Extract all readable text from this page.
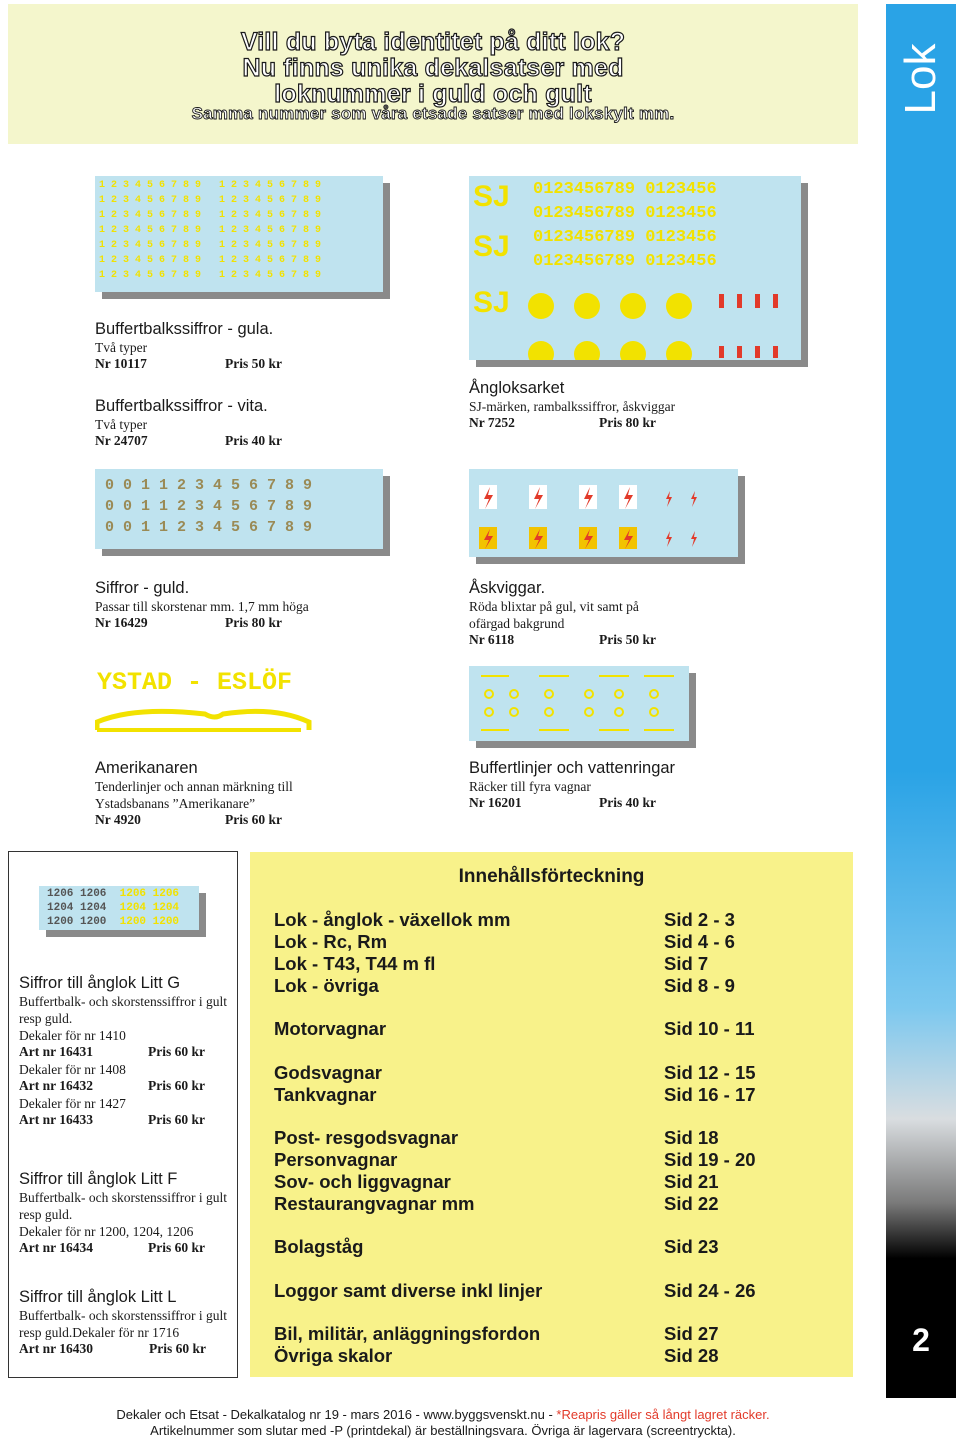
Vill du byta identitet på ditt lok?
Nu finns unika dekalsatser med
loknummer i guld och gult
Samma nummer som våra etsade satser med lokskylt mm.	Lok
2
1 2 3 4 5 6 7 8 9 1 2 3 4 5 6 7 8 9
1 2 3 4 5 6 7 8 9 1 2 3 4 5 6 7 8 9
1 2 3 4 5 6 7 8 9 1 2 3 4 5 6 7 8 9
1 2 3 4 5 6 7 8 9 1 2 3 4 5 6 7 8 9
1 2 3 4 5 6 7 8 9 1 2 3 4 5 6 7 8 9
1 2 3 4 5 6 7 8 9 1 2 3 4 5 6 7 8 9
1 2 3 4 5 6 7 8 9 1 2 3 4 5 6 7 8 9
SJ
SJ
0123456789 0123456
0123456789 0123456
0123456789 0123456
0123456789 0123456
SJ
Buffertbalkssiffror - gula.
Två typer
Nr 10117	Pris 50 kr
Buffertbalkssiffror - vita.
Två typer
Nr 24707	Pris 40 kr
Ångloksarket
SJ-märken, rambalkssiffror, åskviggar
Nr 7252	Pris 80 kr
0 0 1 1 2 3 4 5 6 7 8 9
0 0 1 1 2 3 4 5 6 7 8 9
0 0 1 1 2 3 4 5 6 7 8 9
Siffror - guld.
Passar till skorstenar mm. 1,7 mm höga
Nr 16429	Pris 80 kr
Åskviggar.
Röda blixtar på gul, vit samt på
ofärgad bakgrund
Nr 6118	Pris 50 kr
YSTAD - ESLÖF
Amerikanaren
Tenderlinjer och annan märkning till
Ystadsbanans ”Amerikanare”
Nr 4920	Pris 60 kr
Buffertlinjer och vattenringar
Räcker till fyra vagnar
Nr 16201	Pris 40 kr
1206 1206 1206 1206
1204 1204 1204 1204
1200 1200 1200 1200
Siffror till ånglok Litt G
Buffertbalk- och skorstenssiffror i gult resp guld.
Dekaler för nr 1410
Art nr 16431	Pris 60 kr
Dekaler för nr 1408
Art nr 16432	Pris 60 kr
Dekaler för nr 1427
Art nr 16433	Pris 60 kr
Siffror till ånglok Litt F
Buffertbalk- och skorstenssiffror i gult resp guld.
Dekaler för nr 1200, 1204, 1206
Art nr 16434	Pris 60 kr
Siffror till ånglok Litt L
Buffertbalk- och skorstenssiffror i gult resp guld.Dekaler för nr 1716
Art nr 16430	Pris 60 kr
Innehållsförteckning
Lok - ånglok - växellok mm	Sid 2 - 3
Lok - Rc, Rm	Sid 4 - 6
Lok - T43, T44 m fl	Sid 7
Lok - övriga	Sid 8 - 9
Motorvagnar	Sid 10 - 11
Godsvagnar	Sid 12 - 15
Tankvagnar	Sid 16 - 17
Post- resgodsvagnar	Sid 18
Personvagnar	Sid 19 - 20
Sov- och liggvagnar	Sid 21
Restaurangvagnar mm	Sid 22
Bolagståg	Sid 23
Loggor samt diverse inkl linjer	Sid 24 - 26
Bil, militär, anläggningsfordon	Sid 27
Övriga skalor	Sid 28
Dekaler och Etsat - Dekalkatalog nr 19 - mars 2016 - www.byggsvenskt.nu - *Reapris gäller så långt lagret räcker.
Artikelnummer som slutar med -P (printdekal) är beställningsvara. Övriga är lagervara (screentryckta).
